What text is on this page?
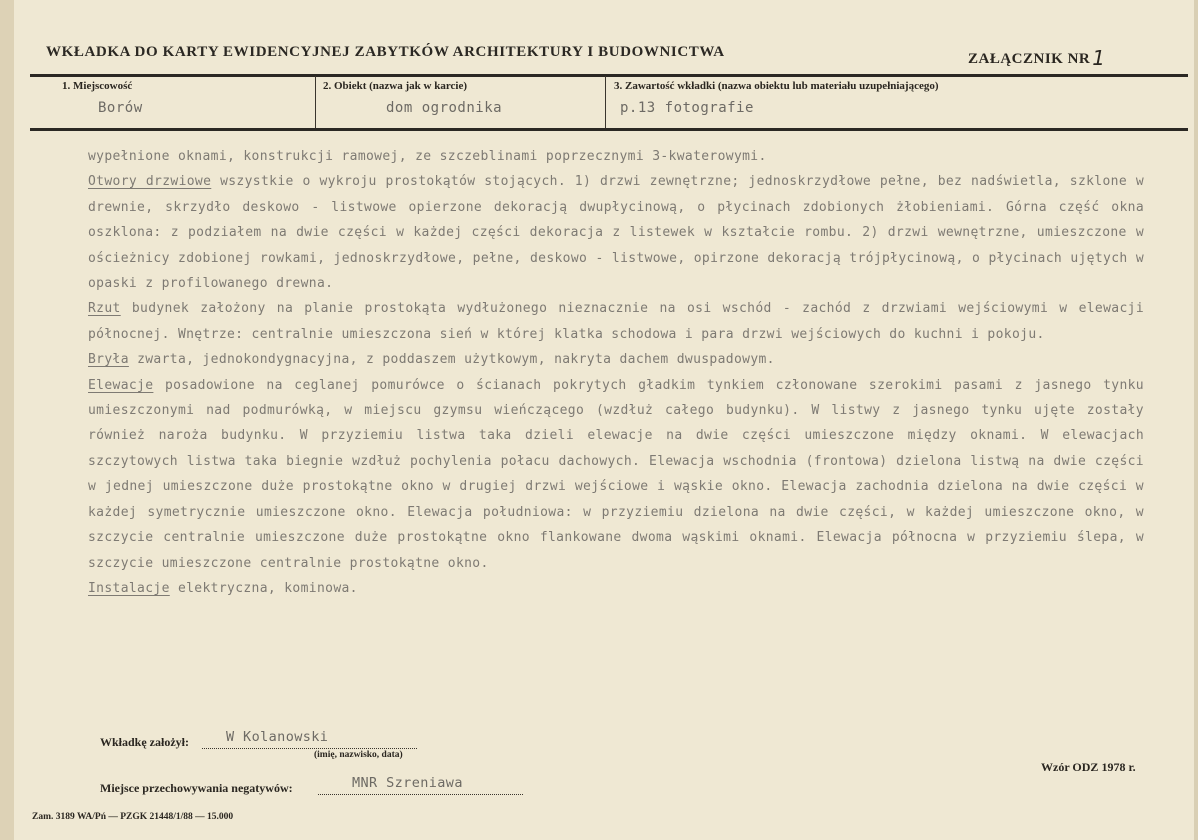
WKŁADKA DO KARTY EWIDENCYJNEJ ZABYTKÓW ARCHITEKTURY I BUDOWNICTWA	ZAŁĄCZNIK NR 1
1. Miejscowość
Borów
2. Obiekt (nazwa jak w karcie)
dom ogrodnika
3. Zawartość wkładki (nazwa obiektu lub materiału uzupełniającego)
p.13 fotografie

wypełnione oknami, konstrukcji ramowej, ze szczeblinami poprzecznymi 3-kwaterowymi.

Otwory drzwiowe wszystkie o wykroju prostokątów stojących. 1) drzwi zewnętrzne; jednoskrzydłowe pełne, bez nadświetla, szklone w drewnie, skrzydło deskowo - listwowe opierzone dekoracją dwupłycinową, o płycinach zdobionych żłobieniami. Górna część okna oszklona: z podziałem na dwie części w każdej części dekoracja z listewek w kształcie rombu. 2) drzwi wewnętrzne, umieszczone w ościeżnicy zdobionej rowkami, jednoskrzydłowe, pełne, deskowo - listwowe, opirzone dekoracją trójpłycinową, o płycinach ujętych w opaski z profilowanego drewna.

Rzut budynek założony na planie prostokąta wydłużonego nieznacznie na osi wschód - zachód z drzwiami wejściowymi w elewacji północnej. Wnętrze: centralnie umieszczona sień w której klatka schodowa i para drzwi wejściowych do kuchni i pokoju.

Bryła zwarta, jednokondygnacyjna, z poddaszem użytkowym, nakryta dachem dwuspadowym.

Elewacje posadowione na ceglanej pomurówce o ścianach pokrytych gładkim tynkiem członowane szerokimi pasami z jasnego tynku umieszczonymi nad podmurówką, w miejscu gzymsu wieńczącego (wzdłuż całego budynku). W listwy z jasnego tynku ujęte zostały również naroża budynku. W przyziemiu listwa taka dzieli elewacje na dwie części umieszczone między oknami. W elewacjach szczytowych listwa taka biegnie wzdłuż pochylenia połacu dachowych. Elewacja wschodnia (frontowa) dzielona listwą na dwie części w jednej umieszczone duże prostokątne okno w drugiej drzwi wejściowe i wąskie okno. Elewacja zachodnia dzielona na dwie części w każdej symetrycznie umieszczone okno. Elewacja południowa: w przyziemiu dzielona na dwie części, w każdej umieszczone okno, w szczycie centralnie umieszczone duże prostokątne okno flankowane dwoma wąskimi oknami. Elewacja północna w przyziemiu ślepa, w szczycie umieszczone centralnie prostokątne okno.

Instalacje elektryczna, kominowa.

Wkładkę założył:	W Kolanowski
(imię, nazwisko, data)
Miejsce przechowywania negatywów:	MNR Szreniawa
Wzór ODZ 1978 r.
Zam. 3189 WA/Pń — PZGK 21448/1/88 — 15.000
